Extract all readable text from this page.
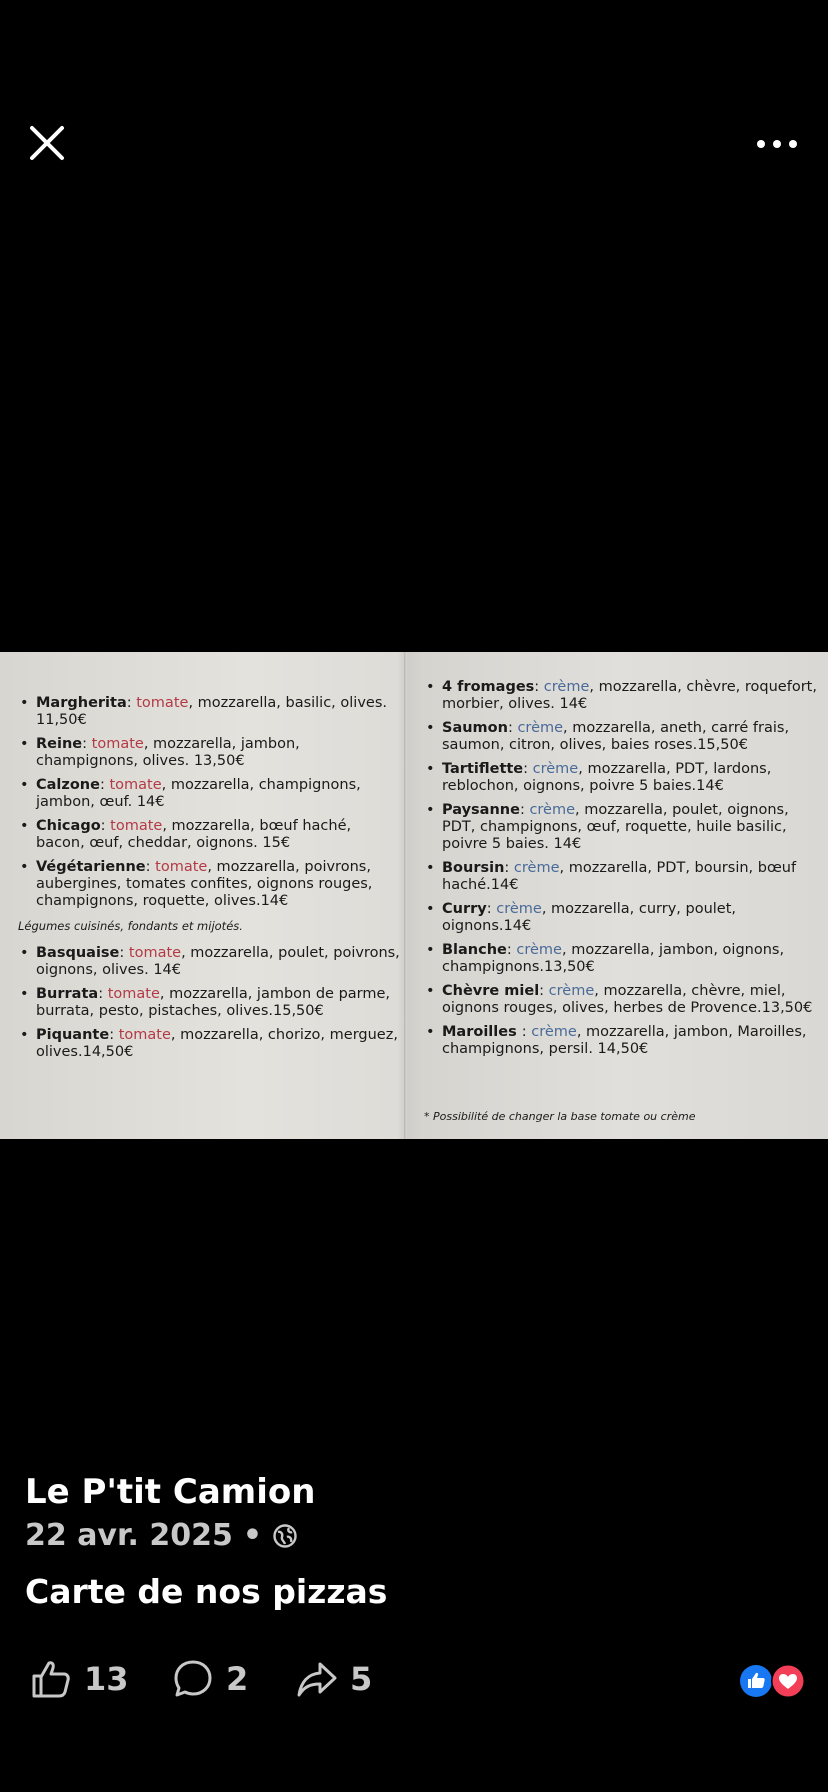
• Margherita: tomate, mozzarella, basilic, olives. 11,50€
• Reine: tomate, mozzarella, jambon, champignons, olives. 13,50€
• Calzone: tomate, mozzarella, champignons, jambon, œuf. 14€
• Chicago: tomate, mozzarella, bœuf haché, bacon, œuf, cheddar, oignons. 15€
• Végétarienne: tomate, mozzarella, poivrons, aubergines, tomates confites, oignons rouges, champignons, roquette, olives.14€
Légumes cuisinés, fondants et mijotés.
• Basquaise: tomate, mozzarella, poulet, poivrons, oignons, olives. 14€
• Burrata: tomate, mozzarella, jambon de parme, burrata, pesto, pistaches, olives.15,50€
• Piquante: tomate, mozzarella, chorizo, merguez, olives.14,50€
• 4 fromages: crème, mozzarella, chèvre, roquefort, morbier, olives. 14€
• Saumon: crème, mozzarella, aneth, carré frais, saumon, citron, olives, baies roses.15,50€
• Tartiflette: crème, mozzarella, PDT, lardons, reblochon, oignons, poivre 5 baies.14€
• Paysanne: crème, mozzarella, poulet, oignons, PDT, champignons, œuf, roquette, huile basilic, poivre 5 baies. 14€
• Boursin: crème, mozzarella, PDT, boursin, bœuf haché.14€
• Curry: crème, mozzarella, curry, poulet, oignons.14€
• Blanche: crème, mozzarella, jambon, oignons, champignons.13,50€
• Chèvre miel: crème, mozzarella, chèvre, miel, oignons rouges, olives, herbes de Provence.13,50€
• Maroilles : crème, mozzarella, jambon, Maroilles, champignons, persil. 14,50€
* Possibilité de changer la base tomate ou crème
Le P'tit Camion
22 avr. 2025 •
Carte de nos pizzas
13	2	5
